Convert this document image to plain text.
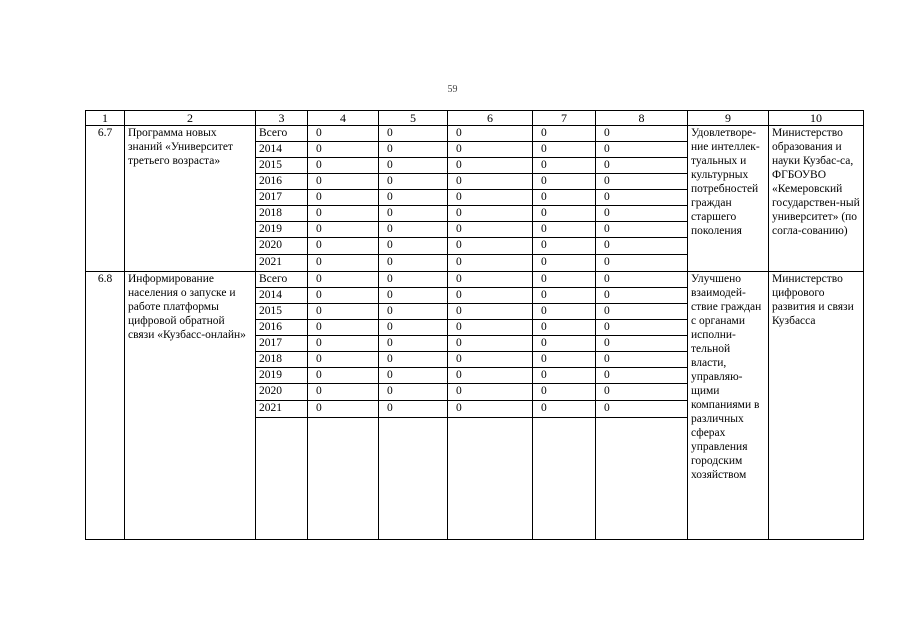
59
1	2	3	4	5	6	7	8	9	10
6.7	Программа новых знаний «Университет третьего возраста»	Всего	0	0	0	0	0	Удовлетворе-ние интеллек-туальных и культурных потребностей граждан старшего поколения	Министерство образования и науки Кузбас-са, ФГБОУВО «Кемеровский государствен-ный университет» (по согла-сованию)
		2014	0	0	0	0	0		
		2015	0	0	0	0	0		
		2016	0	0	0	0	0		
		2017	0	0	0	0	0		
		2018	0	0	0	0	0		
		2019	0	0	0	0	0		
		2020	0	0	0	0	0		
		2021	0	0	0	0	0		
6.8	Информирование населения о запуске и работе платформы цифровой обратной связи «Кузбасс-онлайн»	Всего	0	0	0	0	0	Улучшено взаимодей-ствие граждан с органами исполни-тельной власти, управляю-щими компаниями в различных сферах управления городским хозяйством	Министерство цифрового развития и связи Кузбасса
		2014	0	0	0	0	0		
		2015	0	0	0	0	0		
		2016	0	0	0	0	0		
		2017	0	0	0	0	0		
		2018	0	0	0	0	0		
		2019	0	0	0	0	0		
		2020	0	0	0	0	0		
		2021	0	0	0	0	0		
